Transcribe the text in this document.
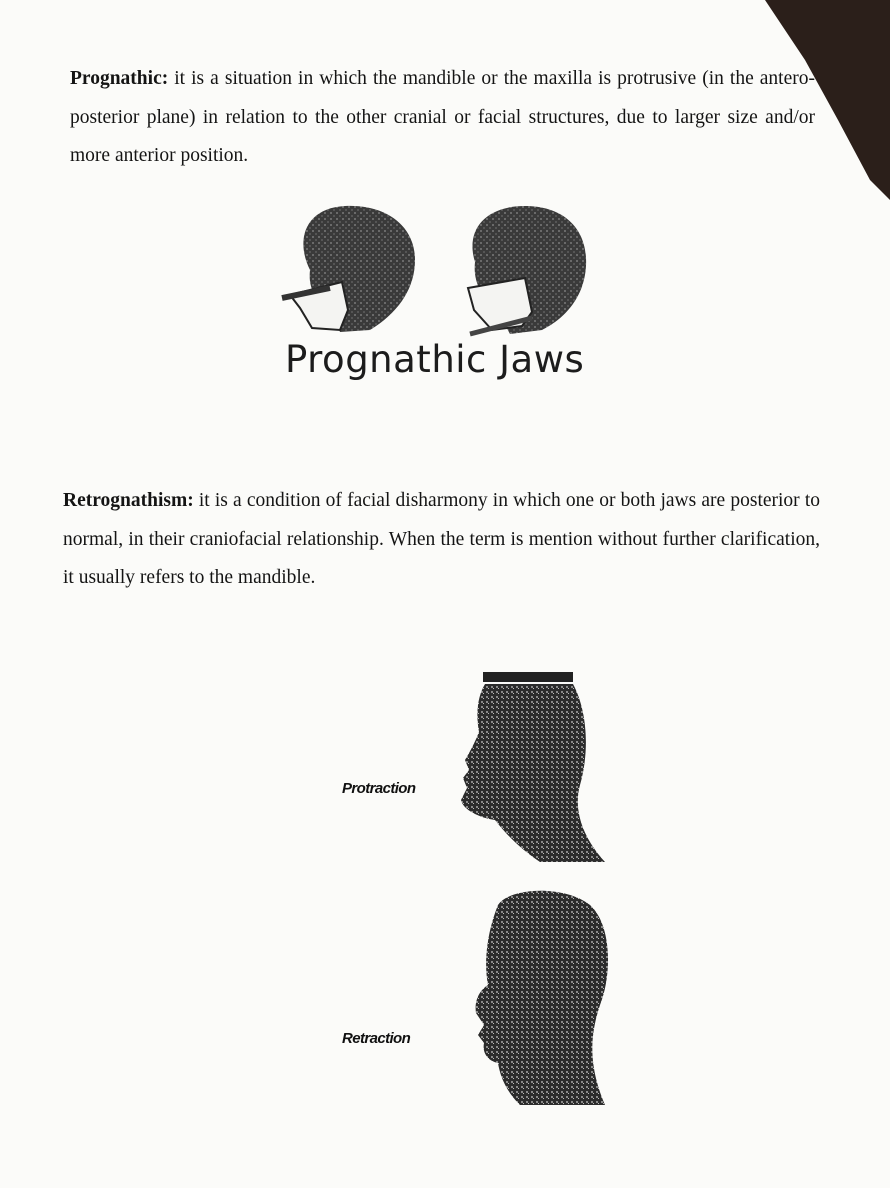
Prognathic: it is a situation in which the mandible or the maxilla is protrusive (in the antero-posterior plane) in relation to the other cranial or facial structures, due to larger size and/or more anterior position.

Prognathic Jaws

Retrognathism: it is a condition of facial disharmony in which one or both jaws are posterior to normal, in their craniofacial relationship. When the term is mention without further clarification, it usually refers to the mandible.

Protraction
Retraction
